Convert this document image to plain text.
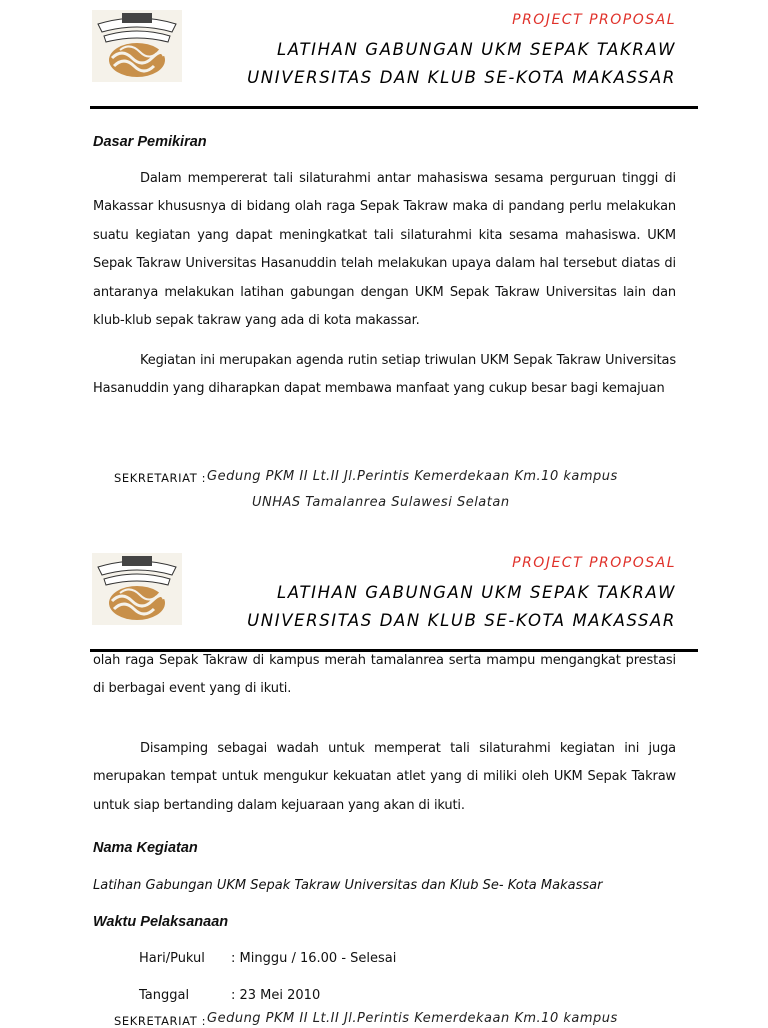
PROJECT PROPOSAL
LATIHAN GABUNGAN UKM SEPAK TAKRAW
UNIVERSITAS DAN KLUB SE-KOTA MAKASSAR
Dasar Pemikiran
Dalam mempererat tali silaturahmi antar mahasiswa sesama perguruan tinggi di Makassar khususnya di bidang olah raga Sepak Takraw maka di pandang perlu melakukan suatu kegiatan yang dapat meningkatkat tali silaturahmi kita sesama mahasiswa. UKM Sepak Takraw Universitas Hasanuddin telah melakukan upaya dalam hal tersebut diatas di antaranya melakukan latihan gabungan dengan UKM Sepak Takraw Universitas lain dan klub-klub sepak takraw yang ada di kota makassar.
Kegiatan ini merupakan agenda rutin setiap triwulan UKM Sepak Takraw Universitas Hasanuddin yang diharapkan dapat membawa manfaat yang cukup besar bagi kemajuan
SEKRETARIAT : Gedung PKM II Lt.II Jl.Perintis Kemerdekaan Km.10 kampus
UNHAS Tamalanrea Sulawesi Selatan
PROJECT PROPOSAL
LATIHAN GABUNGAN UKM SEPAK TAKRAW
UNIVERSITAS DAN KLUB SE-KOTA MAKASSAR
olah raga Sepak Takraw di kampus merah tamalanrea serta mampu mengangkat prestasi di berbagai event yang di ikuti.
Disamping sebagai wadah untuk memperat tali silaturahmi kegiatan ini juga merupakan tempat untuk mengukur kekuatan atlet yang di miliki oleh UKM Sepak Takraw untuk siap bertanding dalam kejuaraan yang akan di ikuti.
Nama Kegiatan
Latihan Gabungan UKM Sepak Takraw Universitas dan Klub Se- Kota Makassar
Waktu Pelaksanaan
Hari/Pukul : Minggu / 16.00 - Selesai
Tanggal	: 23 Mei 2010
SEKRETARIAT : Gedung PKM II Lt.II Jl.Perintis Kemerdekaan Km.10 kampus
